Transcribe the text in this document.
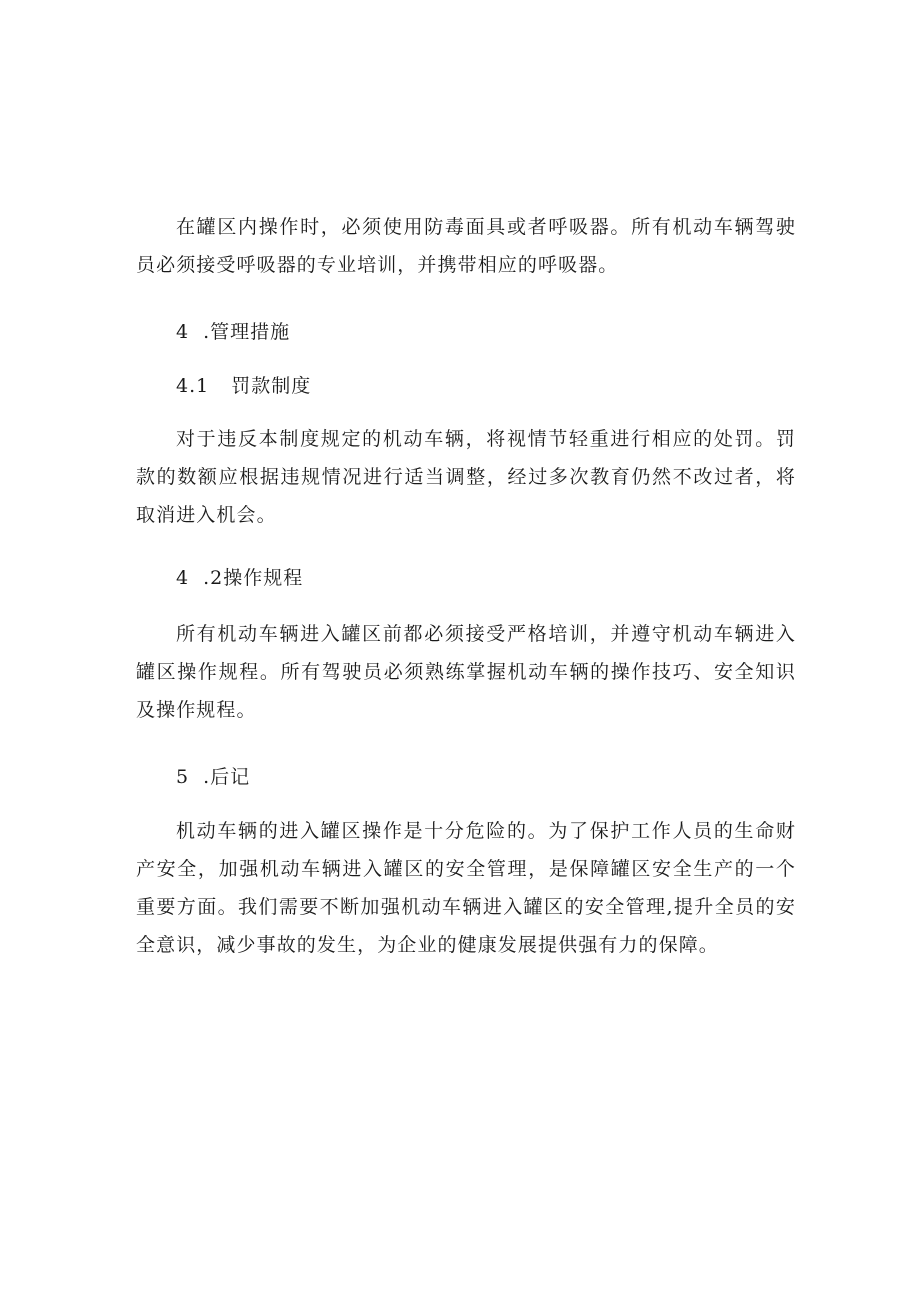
在罐区内操作时，必须使用防毒面具或者呼吸器。所有机动车辆驾驶员必须接受呼吸器的专业培训，并携带相应的呼吸器。

4 .管理措施
4.1 罚款制度

对于违反本制度规定的机动车辆，将视情节轻重进行相应的处罚。罚款的数额应根据违规情况进行适当调整，经过多次教育仍然不改过者，将取消进入机会。

4 .2操作规程

所有机动车辆进入罐区前都必须接受严格培训，并遵守机动车辆进入罐区操作规程。所有驾驶员必须熟练掌握机动车辆的操作技巧、安全知识及操作规程。

5 .后记

机动车辆的进入罐区操作是十分危险的。为了保护工作人员的生命财产安全，加强机动车辆进入罐区的安全管理，是保障罐区安全生产的一个重要方面。我们需要不断加强机动车辆进入罐区的安全管理,提升全员的安全意识，减少事故的发生，为企业的健康发展提供强有力的保障。
